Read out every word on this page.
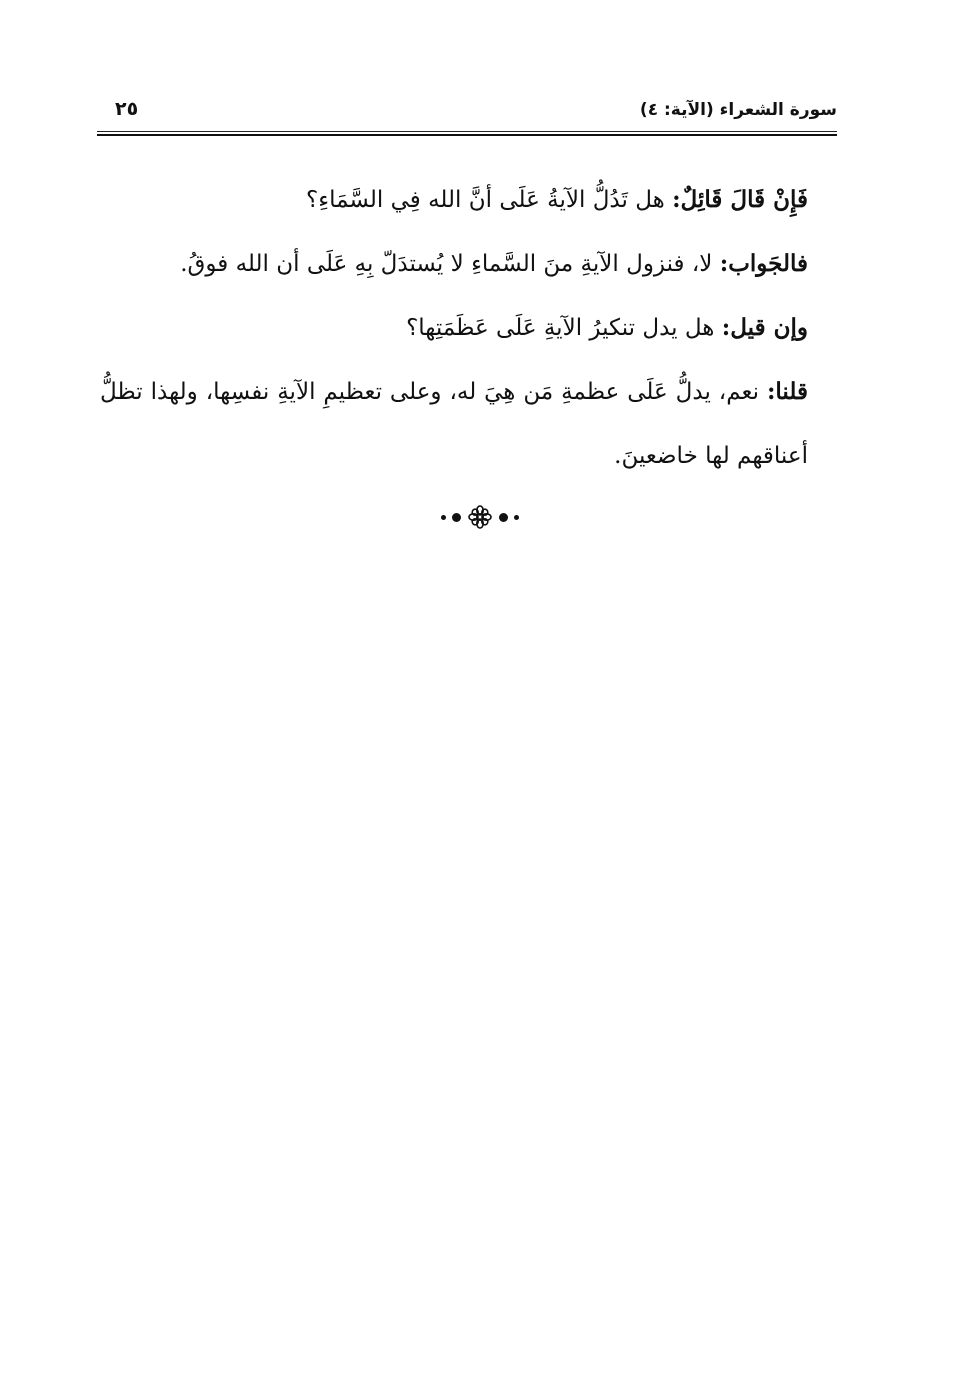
سورة الشعراء (الآية: ٤)
٢٥

فَإِنْ قَالَ قَائِلٌ: هل تَدُلُّ الآيةُ عَلَى أنَّ الله فِي السَّمَاءِ؟

فالجَواب: لا، فنزول الآيةِ منَ السَّماءِ لا يُستدَلّ بِهِ عَلَى أن الله فوقُ.

وإن قيل: هل يدل تنكيرُ الآيةِ عَلَى عَظَمَتِها؟

قلنا: نعم، يدلُّ عَلَى عظمةِ مَن هِيَ له، وعلى تعظيمِ الآيةِ نفسِها، ولهذا تظلُّ أعناقهم لها خاضعينَ.
